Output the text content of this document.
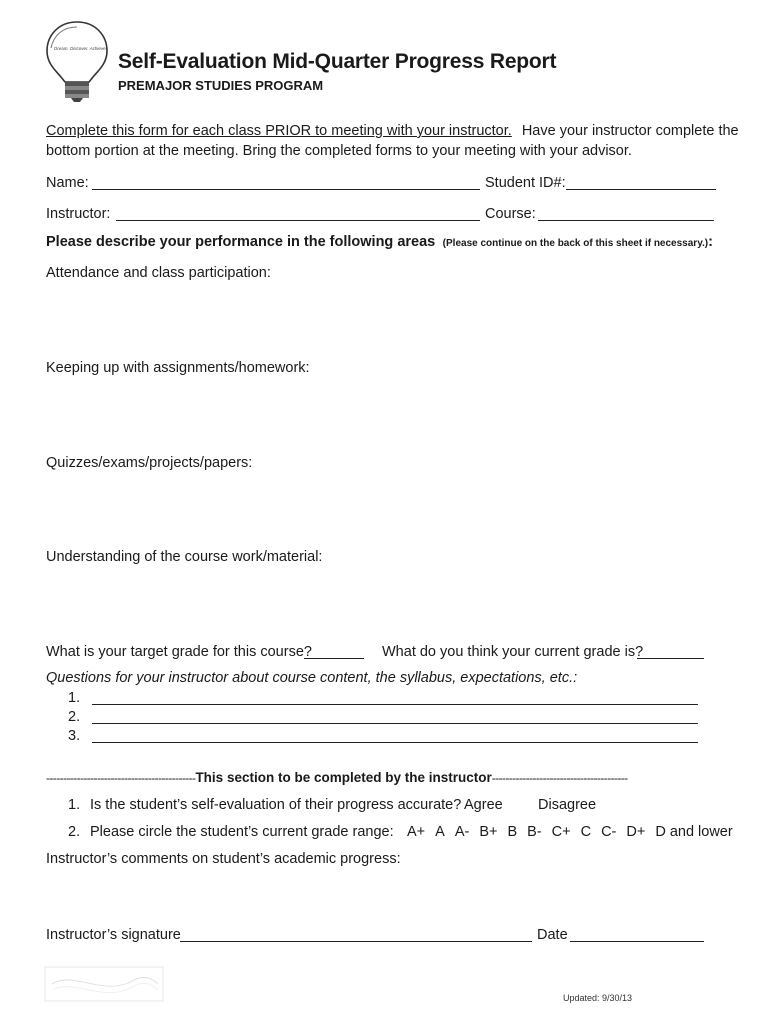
Dream. Discover. Achieve.
Self-Evaluation Mid-Quarter Progress Report
PREMAJOR STUDIES PROGRAM
Complete this form for each class PRIOR to meeting with your instructor. Have your instructor complete the
bottom portion at the meeting. Bring the completed forms to your meeting with your advisor.
Name:	Student ID#:
Instructor:	Course:
Please describe your performance in the following areas (Please continue on the back of this sheet if necessary.):
Attendance and class participation:
Keeping up with assignments/homework:
Quizzes/exams/projects/papers:
Understanding of the course work/material:
What is your target grade for this course?	What do you think your current grade is?
Questions for your instructor about course content, the syllabus, expectations, etc.:
1.
2.
3.
--------------------------------------------This section to be completed by the instructor----------------------------------------
1. Is the student’s self-evaluation of their progress accurate? Agree Disagree
2. Please circle the student’s current grade range: A+ A A- B+ B B- C+ C C- D+ D and lower
Instructor’s comments on student’s academic progress:
Instructor’s signature	Date
Updated: 9/30/13
